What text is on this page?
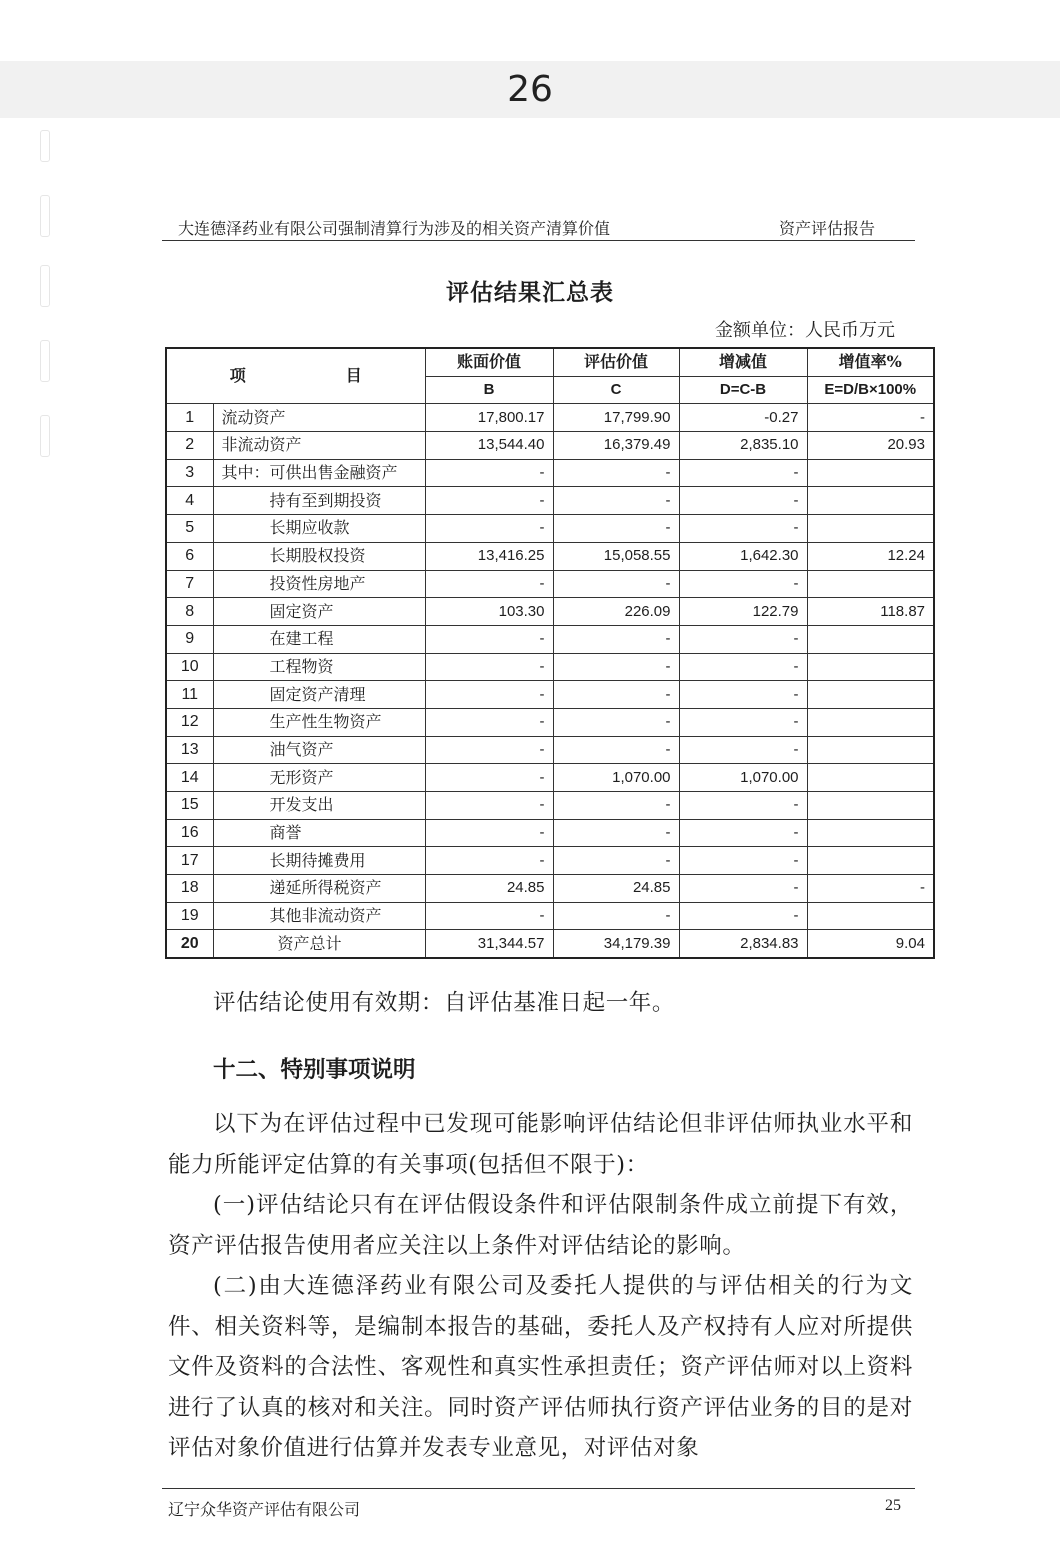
26
大连德泽药业有限公司强制清算行为涉及的相关资产清算价值	资产评估报告
评估结果汇总表
金额单位：人民币万元
项 目		账面价值	评估价值	增减值	增值率%
		B	C	D=C-B	E=D/B×100%
1	流动资产	17,800.17	17,799.90	-0.27	-
2	非流动资产	13,544.40	16,379.49	2,835.10	20.93
3	其中：可供出售金融资产	-	-	-	
4	持有至到期投资	-	-	-	
5	长期应收款	-	-	-	
6	长期股权投资	13,416.25	15,058.55	1,642.30	12.24
7	投资性房地产	-	-	-	
8	固定资产	103.30	226.09	122.79	118.87
9	在建工程	-	-	-	
10	工程物资	-	-	-	
11	固定资产清理	-	-	-	
12	生产性生物资产	-	-	-	
13	油气资产	-	-	-	
14	无形资产	-	1,070.00	1,070.00	
15	开发支出	-	-	-	
16	商誉	-	-	-	
17	长期待摊费用	-	-	-	
18	递延所得税资产	24.85	24.85	-	-
19	其他非流动资产	-	-	-	
20	资产总计	31,344.57	34,179.39	2,834.83	9.04
评估结论使用有效期：自评估基准日起一年。
十二、特别事项说明

以下为在评估过程中已发现可能影响评估结论但非评估师执业水平和能力所能评定估算的有关事项(包括但不限于)：

(一)评估结论只有在评估假设条件和评估限制条件成立前提下有效，资产评估报告使用者应关注以上条件对评估结论的影响。

(二)由大连德泽药业有限公司及委托人提供的与评估相关的行为文件、相关资料等，是编制本报告的基础，委托人及产权持有人应对所提供文件及资料的合法性、客观性和真实性承担责任；资产评估师对以上资料进行了认真的核对和关注。同时资产评估师执行资产评估业务的目的是对评估对象价值进行估算并发表专业意见，对评估对象

辽宁众华资产评估有限公司	25
